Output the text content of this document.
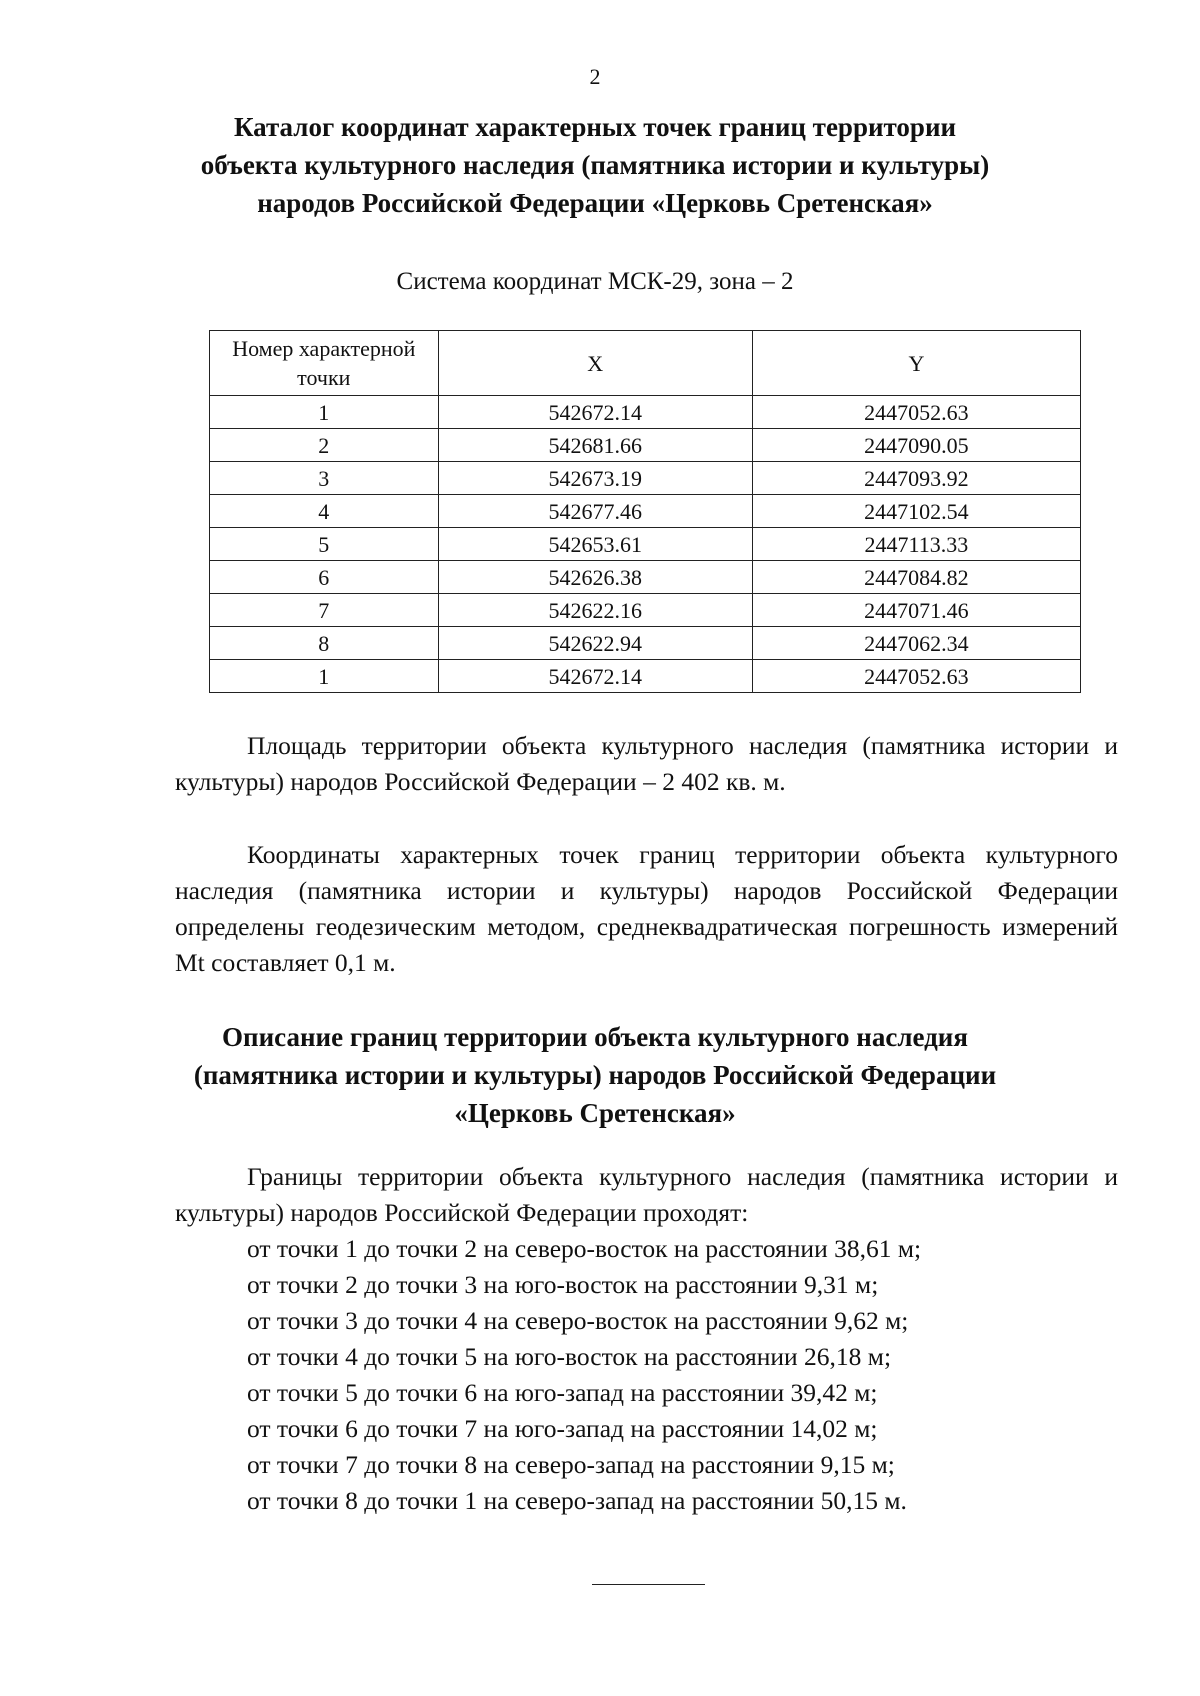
2
Каталог координат характерных точек границ территории
объекта культурного наследия (памятника истории и культуры)
народов Российской Федерации «Церковь Сретенская»
Система координат МСК-29, зона – 2
Номер характерной
точки	X	Y
1	542672.14	2447052.63
2	542681.66	2447090.05
3	542673.19	2447093.92
4	542677.46	2447102.54
5	542653.61	2447113.33
6	542626.38	2447084.82
7	542622.16	2447071.46
8	542622.94	2447062.34
1	542672.14	2447052.63

Площадь территории объекта культурного наследия (памятника истории и культуры) народов Российской Федерации – 2 402 кв. м.

Координаты характерных точек границ территории объекта культурного наследия (памятника истории и культуры) народов Российской Федерации определены геодезическим методом, среднеквадратическая погрешность измерений Mt составляет 0,1 м.

Описание границ территории объекта культурного наследия
(памятника истории и культуры) народов Российской Федерации
«Церковь Сретенская»

Границы территории объекта культурного наследия (памятника истории и культуры) народов Российской Федерации проходят:

от точки 1 до точки 2 на северо-восток на расстоянии 38,61 м;
от точки 2 до точки 3 на юго-восток на расстоянии 9,31 м;
от точки 3 до точки 4 на северо-восток на расстоянии 9,62 м;
от точки 4 до точки 5 на юго-восток на расстоянии 26,18 м;
от точки 5 до точки 6 на юго-запад на расстоянии 39,42 м;
от точки 6 до точки 7 на юго-запад на расстоянии 14,02 м;
от точки 7 до точки 8 на северо-запад на расстоянии 9,15 м;
от точки 8 до точки 1 на северо-запад на расстоянии 50,15 м.
